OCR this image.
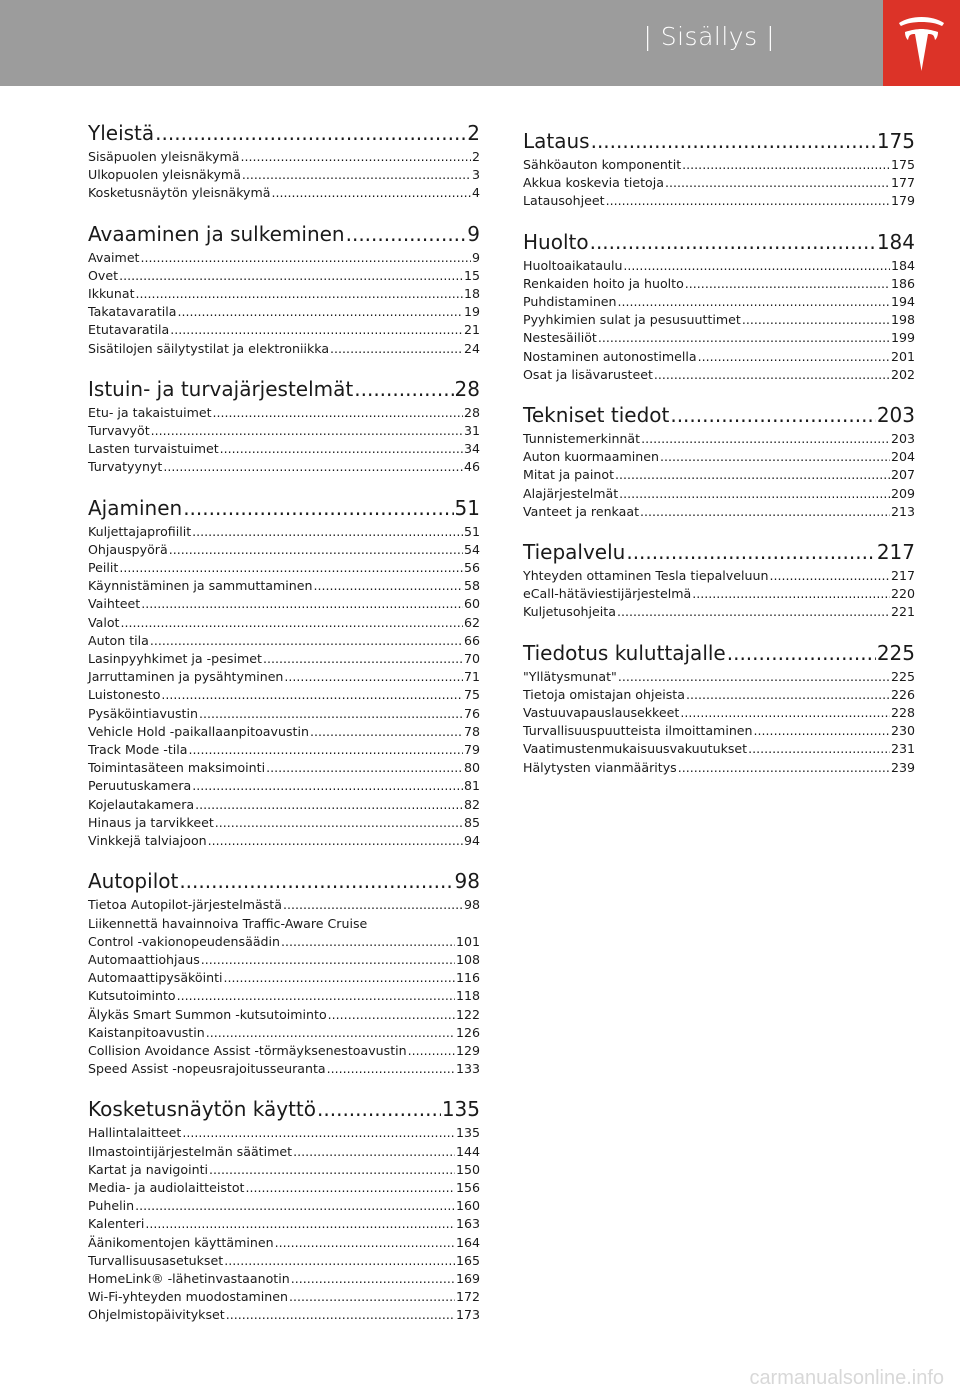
| Sisällys |
Yleistä .....	2
Sisäpuolen yleisnäkymä .....	2
Ulkopuolen yleisnäkymä .....	3
Kosketusnäytön yleisnäkymä .....	4
Avaaminen ja sulkeminen .....	9
Avaimet .....	9
Ovet .....	15
Ikkunat .....	18
Takatavaratila .....	19
Etutavaratila .....	21
Sisätilojen säilytystilat ja elektroniikka .....	24
Istuin- ja turvajärjestelmät .....	28
Etu- ja takaistuimet .....	28
Turvavyöt .....	31
Lasten turvaistuimet .....	34
Turvatyynyt .....	46
Ajaminen .....	51
Kuljettajaprofiilit .....	51
Ohjauspyörä .....	54
Peilit .....	56
Käynnistäminen ja sammuttaminen .....	58
Vaihteet .....	60
Valot .....	62
Auton tila .....	66
Lasinpyyhkimet ja -pesimet .....	70
Jarruttaminen ja pysähtyminen .....	71
Luistonesto .....	75
Pysäköintiavustin .....	76
Vehicle Hold -paikallaanpitoavustin .....	78
Track Mode -tila .....	79
Toimintasäteen maksimointi .....	80
Peruutuskamera .....	81
Kojelautakamera .....	82
Hinaus ja tarvikkeet .....	85
Vinkkejä talviajoon .....	94
Autopilot .....	98
Tietoa Autopilot-järjestelmästä .....	98
Liikennettä havainnoiva Traffic-Aware Cruise
Control -vakionopeudensäädin .....	101
Automaattiohjaus .....	108
Automaattipysäköinti .....	116
Kutsutoiminto .....	118
Älykäs Smart Summon -kutsutoiminto .....	122
Kaistanpitoavustin .....	126
Collision Avoidance Assist -törmäyksenestoavustin .....	129
Speed Assist -nopeusrajoitusseuranta .....	133
Kosketusnäytön käyttö .....	135
Hallintalaitteet .....	135
Ilmastointijärjestelmän säätimet .....	144
Kartat ja navigointi .....	150
Media- ja audiolaitteistot .....	156
Puhelin .....	160
Kalenteri .....	163
Äänikomentojen käyttäminen .....	164
Turvallisuusasetukset .....	165
HomeLink® -lähetinvastaanotin .....	169
Wi-Fi-yhteyden muodostaminen .....	172
Ohjelmistopäivitykset .....	173
Lataus .....	175
Sähköauton komponentit .....	175
Akkua koskevia tietoja .....	177
Latausohjeet .....	179
Huolto .....	184
Huoltoaikataulu .....	184
Renkaiden hoito ja huolto .....	186
Puhdistaminen .....	194
Pyyhkimien sulat ja pesusuuttimet .....	198
Nestesäiliöt .....	199
Nostaminen autonostimella .....	201
Osat ja lisävarusteet .....	202
Tekniset tiedot .....	203
Tunnistemerkinnät .....	203
Auton kuormaaminen .....	204
Mitat ja painot .....	207
Alajärjestelmät .....	209
Vanteet ja renkaat .....	213
Tiepalvelu .....	217
Yhteyden ottaminen Tesla tiepalveluun .....	217
eCall-hätäviestijärjestelmä .....	220
Kuljetusohjeita .....	221
Tiedotus kuluttajalle .....	225
"Yllätysmunat" .....	225
Tietoja omistajan ohjeista .....	226
Vastuuvapauslausekkeet .....	228
Turvallisuuspuutteista ilmoittaminen .....	230
Vaatimustenmukaisuusvakuutukset .....	231
Hälytysten vianmääritys .....	239
carmanualsonline.info
